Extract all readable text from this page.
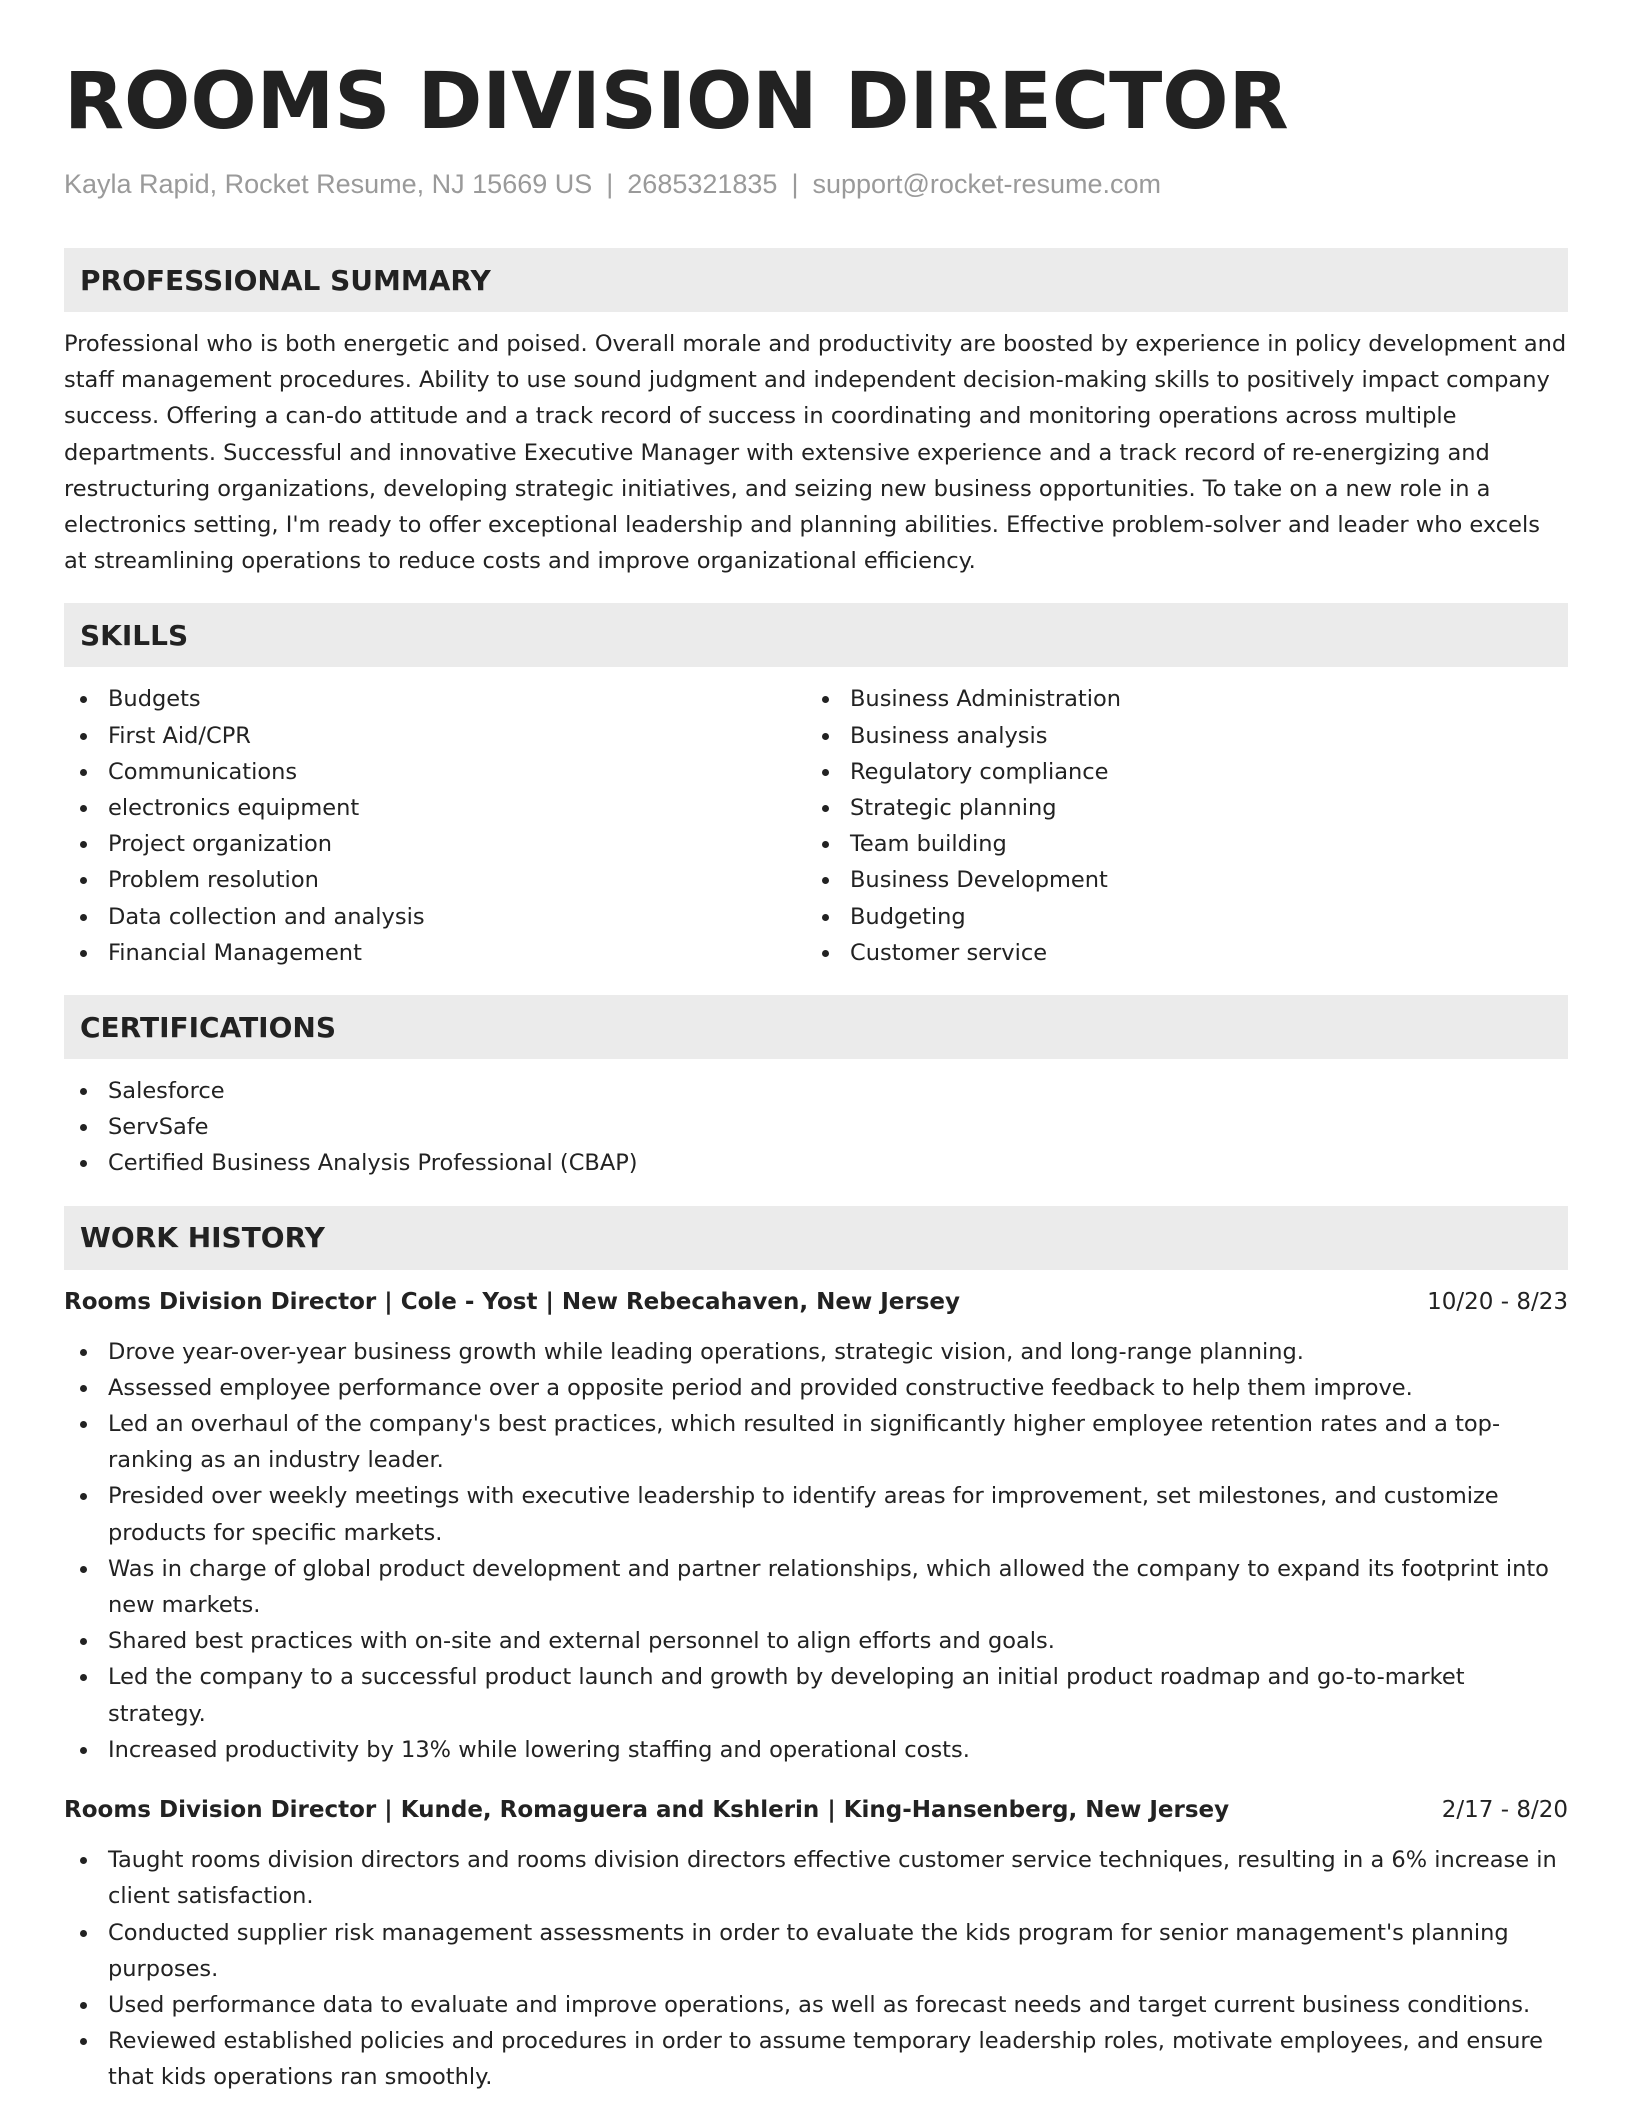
ROOMS DIVISION DIRECTOR
Kayla Rapid, Rocket Resume, NJ 15669 US | 2685321835 | support@rocket-resume.com
PROFESSIONAL SUMMARY

Professional who is both energetic and poised. Overall morale and productivity are boosted by experience in policy development and staff management procedures. Ability to use sound judgment and independent decision-making skills to positively impact company success. Offering a can-do attitude and a track record of success in coordinating and monitoring operations across multiple departments. Successful and innovative Executive Manager with extensive experience and a track record of re-energizing and restructuring organizations, developing strategic initiatives, and seizing new business opportunities. To take on a new role in a electronics setting, I'm ready to offer exceptional leadership and planning abilities. Effective problem-solver and leader who excels at streamlining operations to reduce costs and improve organizational efficiency.

SKILLS
Budgets
First Aid/CPR
Communications
electronics equipment
Project organization
Problem resolution
Data collection and analysis
Financial Management
Business Administration
Business analysis
Regulatory compliance
Strategic planning
Team building
Business Development
Budgeting
Customer service
CERTIFICATIONS
Salesforce
ServSafe
Certified Business Analysis Professional (CBAP)
WORK HISTORY
Rooms Division Director | Cole - Yost | New Rebecahaven, New Jersey	10/20 - 8/23
Drove year-over-year business growth while leading operations, strategic vision, and long-range planning.
Assessed employee performance over a opposite period and provided constructive feedback to help them improve.
Led an overhaul of the company's best practices, which resulted in significantly higher employee retention rates and a top-ranking as an industry leader.
Presided over weekly meetings with executive leadership to identify areas for improvement, set milestones, and customize products for specific markets.
Was in charge of global product development and partner relationships, which allowed the company to expand its footprint into new markets.
Shared best practices with on-site and external personnel to align efforts and goals.
Led the company to a successful product launch and growth by developing an initial product roadmap and go-to-market strategy.
Increased productivity by 13% while lowering staffing and operational costs.
Rooms Division Director | Kunde, Romaguera and Kshlerin | King-Hansenberg, New Jersey	2/17 - 8/20
Taught rooms division directors and rooms division directors effective customer service techniques, resulting in a 6% increase in client satisfaction.
Conducted supplier risk management assessments in order to evaluate the kids program for senior management's planning purposes.
Used performance data to evaluate and improve operations, as well as forecast needs and target current business conditions.
Reviewed established policies and procedures in order to assume temporary leadership roles, motivate employees, and ensure that kids operations ran smoothly.
